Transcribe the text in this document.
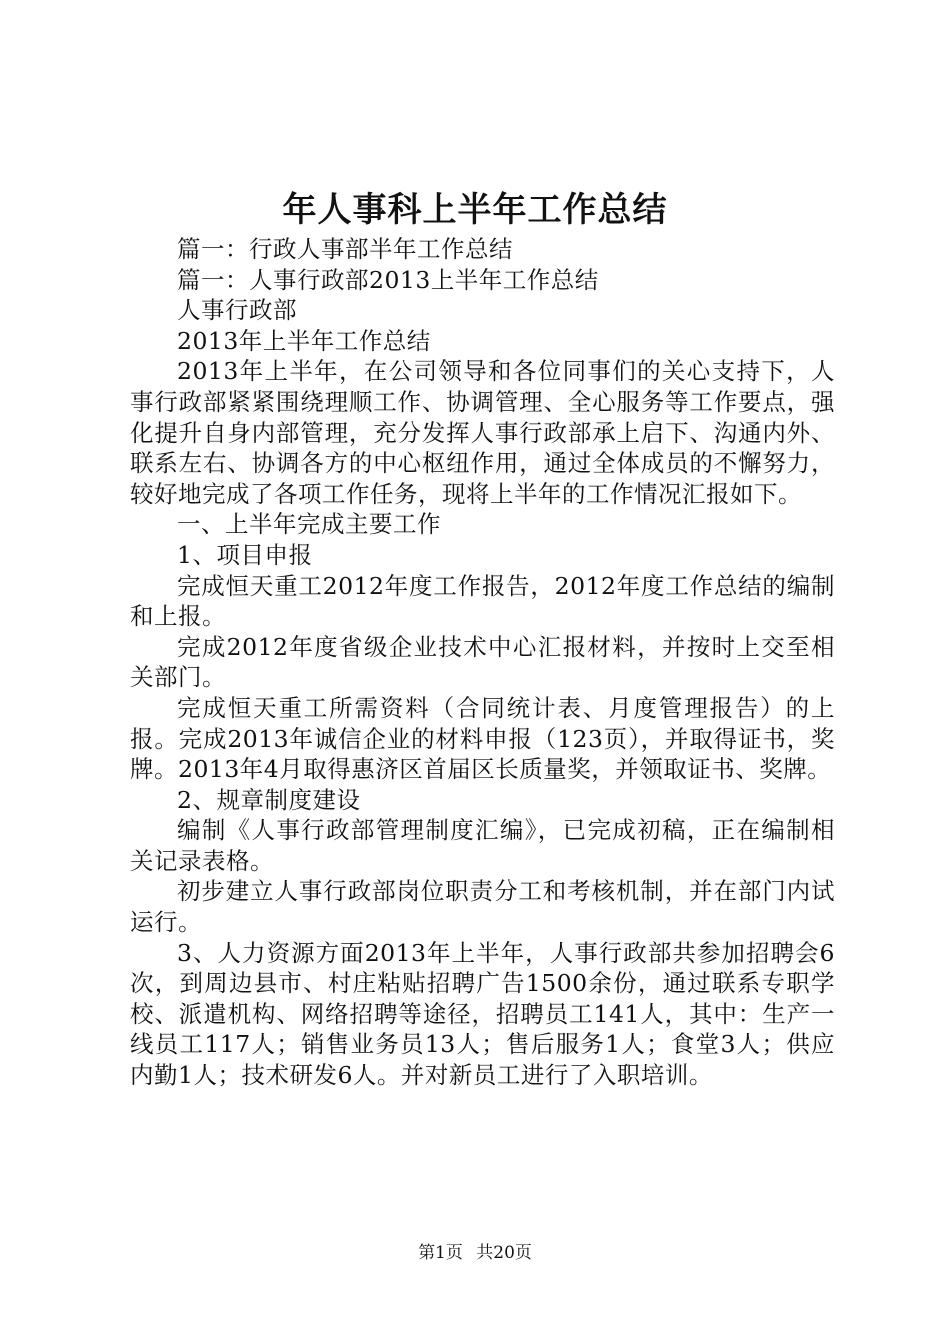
年人事科上半年工作总结

篇一：行政人事部半年工作总结

篇一：人事行政部2013上半年工作总结

人事行政部

2013年上半年工作总结

2013年上半年，在公司领导和各位同事们的关心支持下，人事行政部紧紧围绕理顺工作、协调管理、全心服务等工作要点，强化提升自身内部管理，充分发挥人事行政部承上启下、沟通内外、联系左右、协调各方的中心枢纽作用，通过全体成员的不懈努力，较好地完成了各项工作任务，现将上半年的工作情况汇报如下。

一、上半年完成主要工作

1、项目申报

完成恒天重工2012年度工作报告，2012年度工作总结的编制和上报。

完成2012年度省级企业技术中心汇报材料，并按时上交至相关部门。

完成恒天重工所需资料（合同统计表、月度管理报告）的上报。完成2013年诚信企业的材料申报（123页），并取得证书，奖牌。2013年4月取得惠济区首届区长质量奖，并领取证书、奖牌。

2、规章制度建设

编制《人事行政部管理制度汇编》，已完成初稿，正在编制相关记录表格。

初步建立人事行政部岗位职责分工和考核机制，并在部门内试运行。

3、人力资源方面2013年上半年，人事行政部共参加招聘会6次，到周边县市、村庄粘贴招聘广告1500余份，通过联系专职学校、派遣机构、网络招聘等途径，招聘员工141人，其中：生产一线员工117人；销售业务员13人；售后服务1人；食堂3人；供应内勤1人；技术研发6人。并对新员工进行了入职培训。

第1页 共20页
